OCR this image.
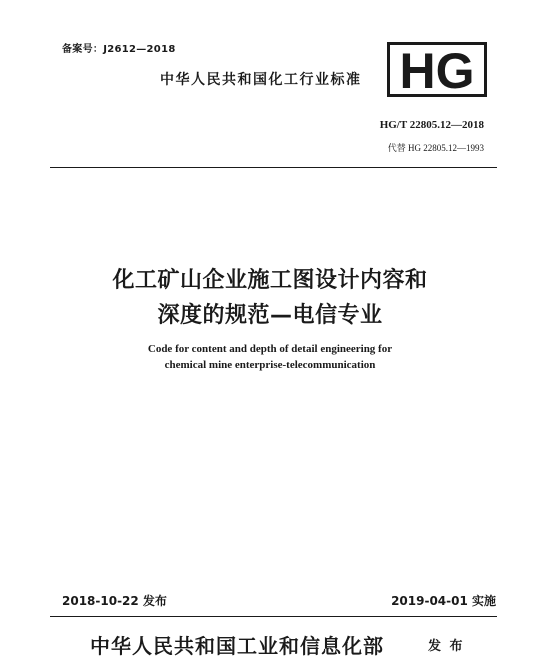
备案号：J2612—2018
中华人民共和国化工行业标准 HG
HG/T 22805.12—2018
代替 HG 22805.12—1993
化工矿山企业施工图设计内容和
深度的规范—电信专业
Code for content and depth of detail engineering for
chemical mine enterprise-telecommunication
2018-10-22 发布	2019-04-01 实施
中华人民共和国工业和信息化部	发 布
